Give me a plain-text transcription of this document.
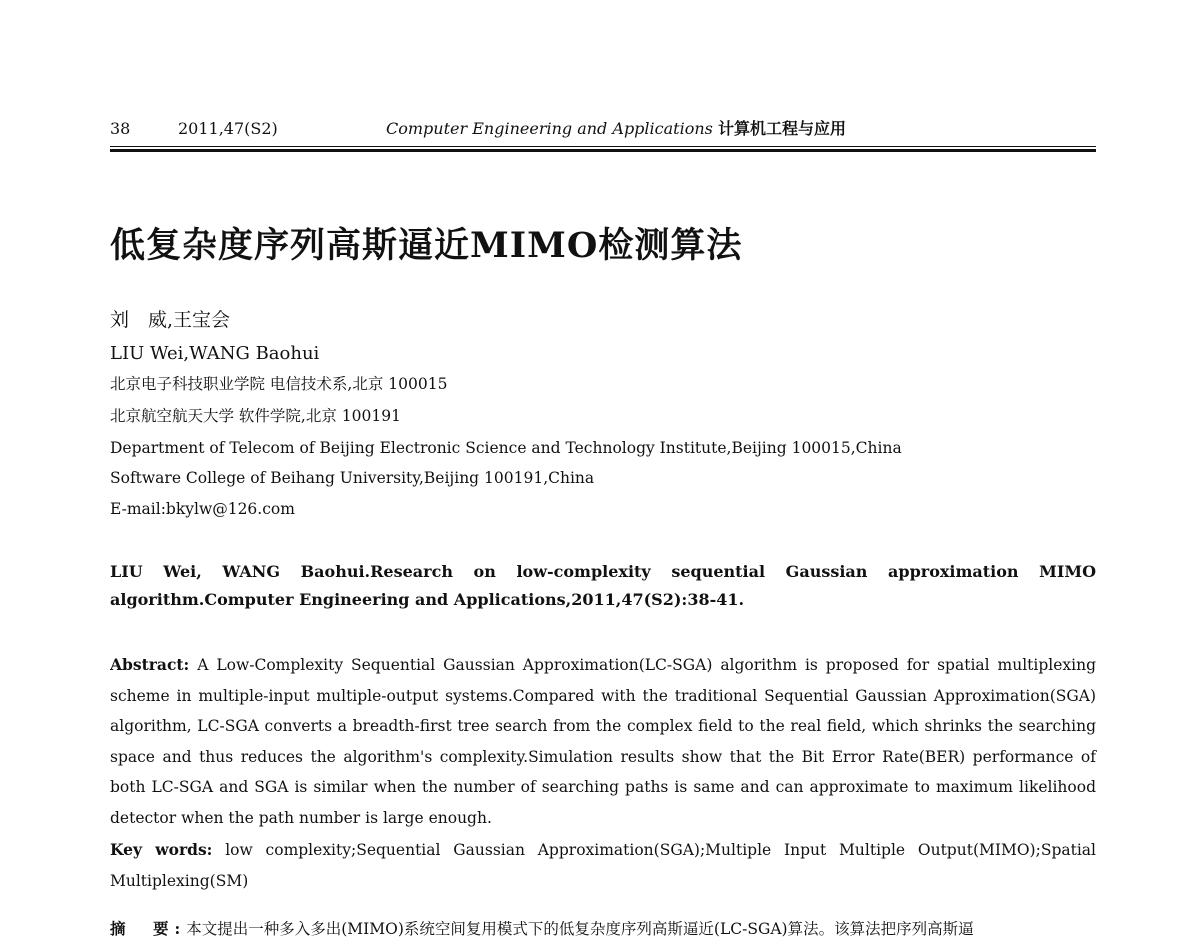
38	2011,47(S2)	Computer Engineering and Applications 计算机工程与应用
低复杂度序列高斯逼近MIMO检测算法
刘　威,王宝会
LIU Wei,WANG Baohui
北京电子科技职业学院 电信技术系,北京 100015
北京航空航天大学 软件学院,北京 100191
Department of Telecom of Beijing Electronic Science and Technology Institute,Beijing 100015,China
Software College of Beihang University,Beijing 100191,China
E-mail:bkylw@126.com
LIU Wei, WANG Baohui.Research on low-complexity sequential Gaussian approximation MIMO algorithm.Computer Engineering and Applications,2011,47(S2):38-41.
Abstract: A Low-Complexity Sequential Gaussian Approximation(LC-SGA) algorithm is proposed for spatial multiplexing scheme in multiple-input multiple-output systems.Compared with the traditional Sequential Gaussian Approximation(SGA) algorithm, LC-SGA converts a breadth-first tree search from the complex field to the real field, which shrinks the searching space and thus reduces the algorithm's complexity.Simulation results show that the Bit Error Rate(BER) performance of both LC-SGA and SGA is similar when the number of searching paths is same and can approximate to maximum likelihood detector when the path number is large enough.
Key words: low complexity;Sequential Gaussian Approximation(SGA);Multiple Input Multiple Output(MIMO);Spatial Multiplexing(SM)
摘　要:本文提出一种多入多出(MIMO)系统空间复用模式下的低复杂度序列高斯逼近(LC-SGA)算法。该算法把序列高斯逼
